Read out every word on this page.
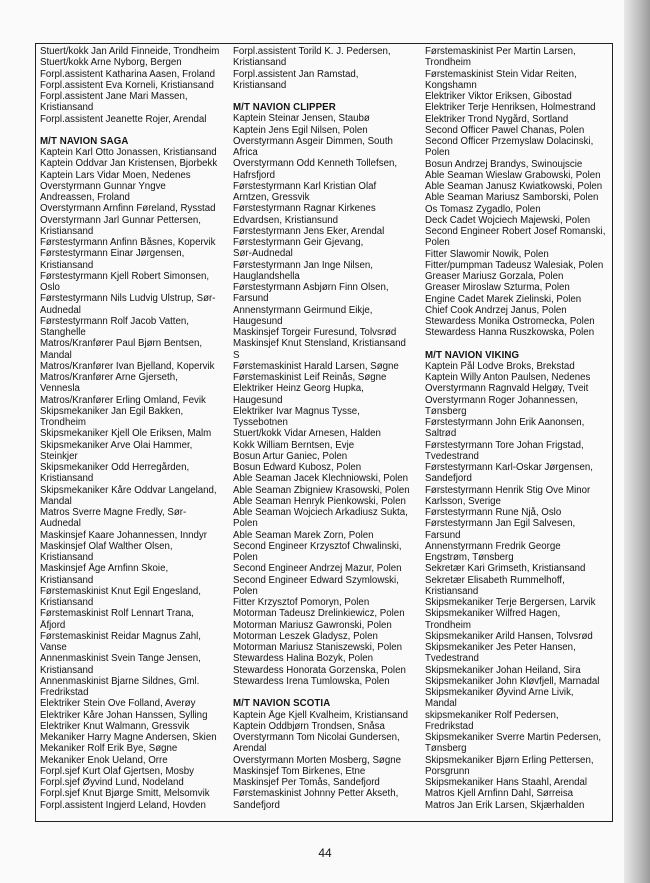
Stuert/kokk Jan Arild Finneide, Trondheim
Stuert/kokk Arne Nyborg, Bergen
Forpl.assistent Katharina Aasen, Froland
Forpl.assistent Eva Korneli, Kristiansand
Forpl.assistent Jane Mari Massen,
Kristiansand
Forpl.assistent Jeanette Rojer, Arendal
M/T NAVION SAGA
Kaptein Karl Otto Jonassen, Kristiansand
Kaptein Oddvar Jan Kristensen, Bjorbekk
Kaptein Lars Vidar Moen, Nedenes
Overstyrmann Gunnar Yngve
Andreassen, Froland
Overstyrmann Arnfinn Føreland, Rysstad
Overstyrmann Jarl Gunnar Pettersen,
Kristiansand
Førstestyrmann Anfinn Båsnes, Kopervik
Førstestyrmann Einar Jørgensen,
Kristiansand
Førstestyrmann Kjell Robert Simonsen,
Oslo
Førstestyrmann Nils Ludvig Ulstrup, Sør-
Audnedal
Førstestyrmann Rolf Jacob Vatten,
Stanghelle
Matros/Kranfører Paul Bjørn Bentsen,
Mandal
Matros/Kranfører Ivan Bjelland, Kopervik
Matros/Kranfører Arne Gjerseth,
Vennesla
Matros/Kranfører Erling Omland, Fevik
Skipsmekaniker Jan Egil Bakken,
Trondheim
Skipsmekaniker Kjell Ole Eriksen, Malm
Skipsmekaniker Arve Olai Hammer,
Steinkjer
Skipsmekaniker Odd Herregården,
Kristiansand
Skipsmekaniker Kåre Oddvar Langeland,
Mandal
Matros Sverre Magne Fredly, Sør-
Audnedal
Maskinsjef Kaare Johannessen, Inndyr
Maskinsjef Olaf Walther Olsen,
Kristiansand
Maskinsjef Åge Arnfinn Skoie,
Kristiansand
Førstemaskinist Knut Egil Engesland,
Kristiansand
Førstemaskinist Rolf Lennart Trana,
Åfjord
Førstemaskinist Reidar Magnus Zahl,
Vanse
Annenmaskinist Svein Tange Jensen,
Kristiansand
Annenmaskinist Bjarne Sildnes, Gml.
Fredrikstad
Elektriker Stein Ove Folland, Averøy
Elektriker Kåre Johan Hanssen, Sylling
Elektriker Knut Walmann, Gressvik
Mekaniker Harry Magne Andersen, Skien
Mekaniker Rolf Erik Bye, Søgne
Mekaniker Enok Ueland, Orre
Forpl.sjef Kurt Olaf Gjertsen, Mosby
Forpl.sjef Øyvind Lund, Nodeland
Forpl.sjef Knut Bjørge Smitt, Melsomvik
Forpl.assistent Ingjerd Leland, Hovden
Forpl.assistent Torild K. J. Pedersen,
Kristiansand
Forpl.assistent Jan Ramstad,
Kristiansand
M/T NAVION CLIPPER
Kaptein Steinar Jensen, Staubø
Kaptein Jens Egil Nilsen, Polen
Overstyrmann Asgeir Dimmen, South
Africa
Overstyrmann Odd Kenneth Tollefsen,
Hafrsfjord
Førstestyrmann Karl Kristian Olaf
Arntzen, Gressvik
Førstestyrmann Ragnar Kirkenes
Edvardsen, Kristiansund
Førstestyrmann Jens Eker, Arendal
Førstestyrmann Geir Gjevang,
Sør-Audnedal
Førstestyrmann Jan Inge Nilsen,
Hauglandshella
Førstestyrmann Asbjørn Finn Olsen,
Farsund
Annenstyrmann Geirmund Eikje,
Haugesund
Maskinsjef Torgeir Furesund, Tolvsrød
Maskinsjef Knut Stensland, Kristiansand
S
Førstemaskinist Harald Larsen, Søgne
Førstemaskinist Leif Reinås, Søgne
Elektriker Heinz Georg Hupka,
Haugesund
Elektriker Ivar Magnus Tysse,
Tyssebotnen
Stuert/kokk Vidar Arnesen, Halden
Kokk William Berntsen, Evje
Bosun Artur Ganiec, Polen
Bosun Edward Kubosz, Polen
Able Seaman Jacek Klechniowski, Polen
Able Seaman Zbigniew Krasowski, Polen
Able Seaman Henryk Pienkowski, Polen
Able Seaman Wojciech Arkadiusz Sukta,
Polen
Able Seaman Marek Zorn, Polen
Second Engineer Krzysztof Chwalinski,
Polen
Second Engineer Andrzej Mazur, Polen
Second Engineer Edward Szymlowski,
Polen
Fitter Krzysztof Pomoryn, Polen
Motorman Tadeusz Drelinkiewicz, Polen
Motorman Mariusz Gawronski, Polen
Motorman Leszek Gladysz, Polen
Motorman Mariusz Staniszewski, Polen
Stewardess Halina Bozyk, Polen
Stewardess Honorata Gorzenska, Polen
Stewardess Irena Tumlowska, Polen
M/T NAVION SCOTIA
Kaptein Åge Kjell Kvalheim, Kristiansand
Kaptein Oddbjørn Trondsen, Snåsa
Overstyrmann Tom Nicolai Gundersen,
Arendal
Overstyrmann Morten Mosberg, Søgne
Maskinsjef Tom Birkenes, Etne
Maskinsjef Per Tomås, Sandefjord
Førstemaskinist Johnny Petter Akseth,
Sandefjord
Førstemaskinist Per Martin Larsen,
Trondheim
Førstemaskinist Stein Vidar Reiten,
Kongshamn
Elektriker Viktor Eriksen, Gibostad
Elektriker Terje Henriksen, Holmestrand
Elektriker Trond Nygård, Sortland
Second Officer Pawel Chanas, Polen
Second Officer Przemyslaw Dolacinski,
Polen
Bosun Andrzej Brandys, Swinoujscie
Able Seaman Wieslaw Grabowski, Polen
Able Seaman Janusz Kwiatkowski, Polen
Able Seaman Mariusz Samborski, Polen
Os Tomasz Zygadlo, Polen
Deck Cadet Wojciech Majewski, Polen
Second Engineer Robert Josef Romanski,
Polen
Fitter Slawomir Nowik, Polen
Fitter/pumpman Tadeusz Walesiak, Polen
Greaser Mariusz Gorzala, Polen
Greaser Miroslaw Szturma, Polen
Engine Cadet Marek Zielinski, Polen
Chief Cook Andrzej Janus, Polen
Stewardess Monika Ostromecka, Polen
Stewardess Hanna Ruszkowska, Polen
M/T NAVION VIKING
Kaptein Pål Lodve Broks, Brekstad
Kaptein Willy Anton Paulsen, Nedenes
Overstyrmann Ragnvald Helgøy, Tveit
Overstyrmann Roger Johannessen,
Tønsberg
Førstestyrmann John Erik Aanonsen,
Saltrød
Førstestyrmann Tore Johan Frigstad,
Tvedestrand
Førstestyrmann Karl-Oskar Jørgensen,
Sandefjord
Førstestyrmann Henrik Stig Ove Minor
Karlsson, Sverige
Førstestyrmann Rune Njå, Oslo
Førstestyrmann Jan Egil Salvesen,
Farsund
Annenstyrmann Fredrik George
Engstrøm, Tønsberg
Sekretær Kari Grimseth, Kristiansand
Sekretær Elisabeth Rummelhoff,
Kristiansand
Skipsmekaniker Terje Bergersen, Larvik
Skipsmekaniker Wilfred Hagen,
Trondheim
Skipsmekaniker Arild Hansen, Tolvsrød
Skipsmekaniker Jes Peter Hansen,
Tvedestrand
Skipsmekaniker Johan Heiland, Sira
Skipsmekaniker John Kløvfjell, Marnadal
Skipsmekaniker Øyvind Arne Livik,
Mandal
skipsmekaniker Rolf Pedersen,
Fredrikstad
Skipsmekaniker Sverre Martin Pedersen,
Tønsberg
Skipsmekaniker Bjørn Erling Pettersen,
Porsgrunn
Skipsmekaniker Hans Staahl, Arendal
Matros Kjell Arnfinn Dahl, Sørreisa
Matros Jan Erik Larsen, Skjærhalden
44
